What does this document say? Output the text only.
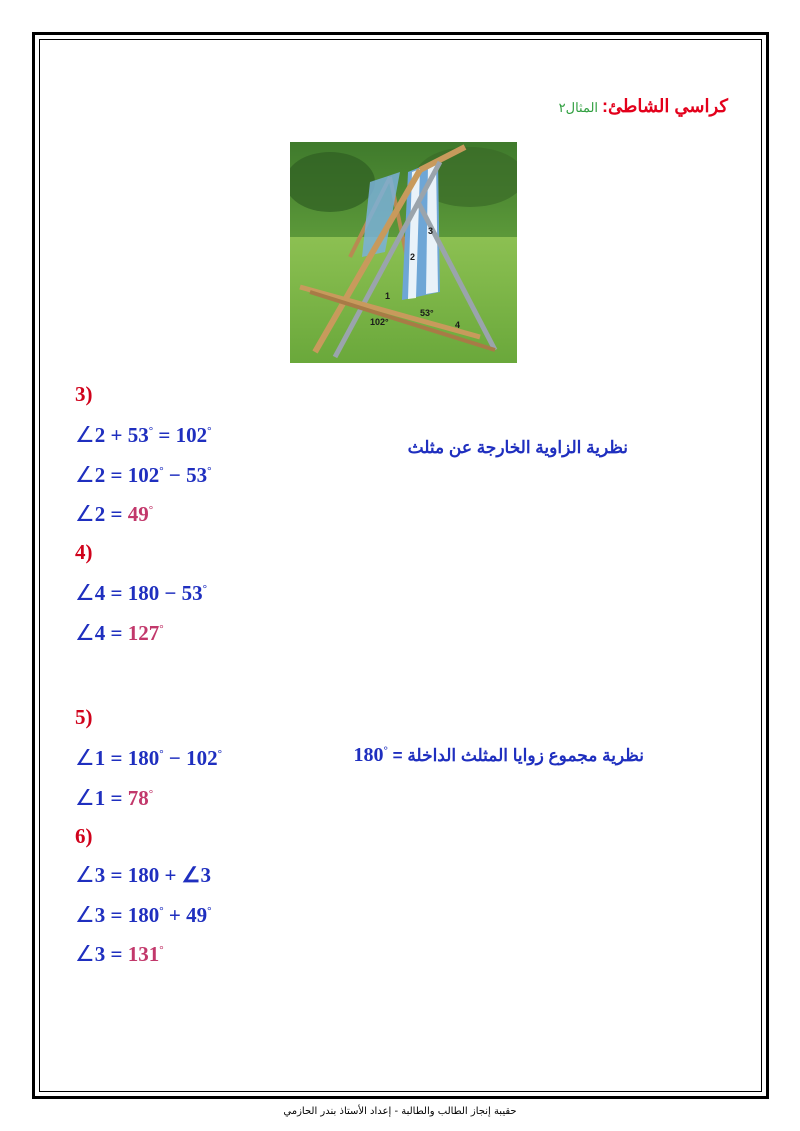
كراسي الشاطئ:المثال٢
3
2
1
4
53°
102°
3)
∠2 + 53° = 102°
∠2 = 102° − 53°
∠2 = 49°
نظرية الزاوية الخارجة عن مثلث
4)
∠4 = 180 − 53°
∠4 = 127°
5)
∠1 = 180° − 102°
∠1 = 78°
نظرية مجموع زوايا المثلث الداخلة = 180°
6)
∠3 = 180 + ∠3
∠3 = 180° + 49°
∠3 = 131°
حقيبة إنجاز الطالب والطالبة - إعداد الأستاذ بندر الحازمي
